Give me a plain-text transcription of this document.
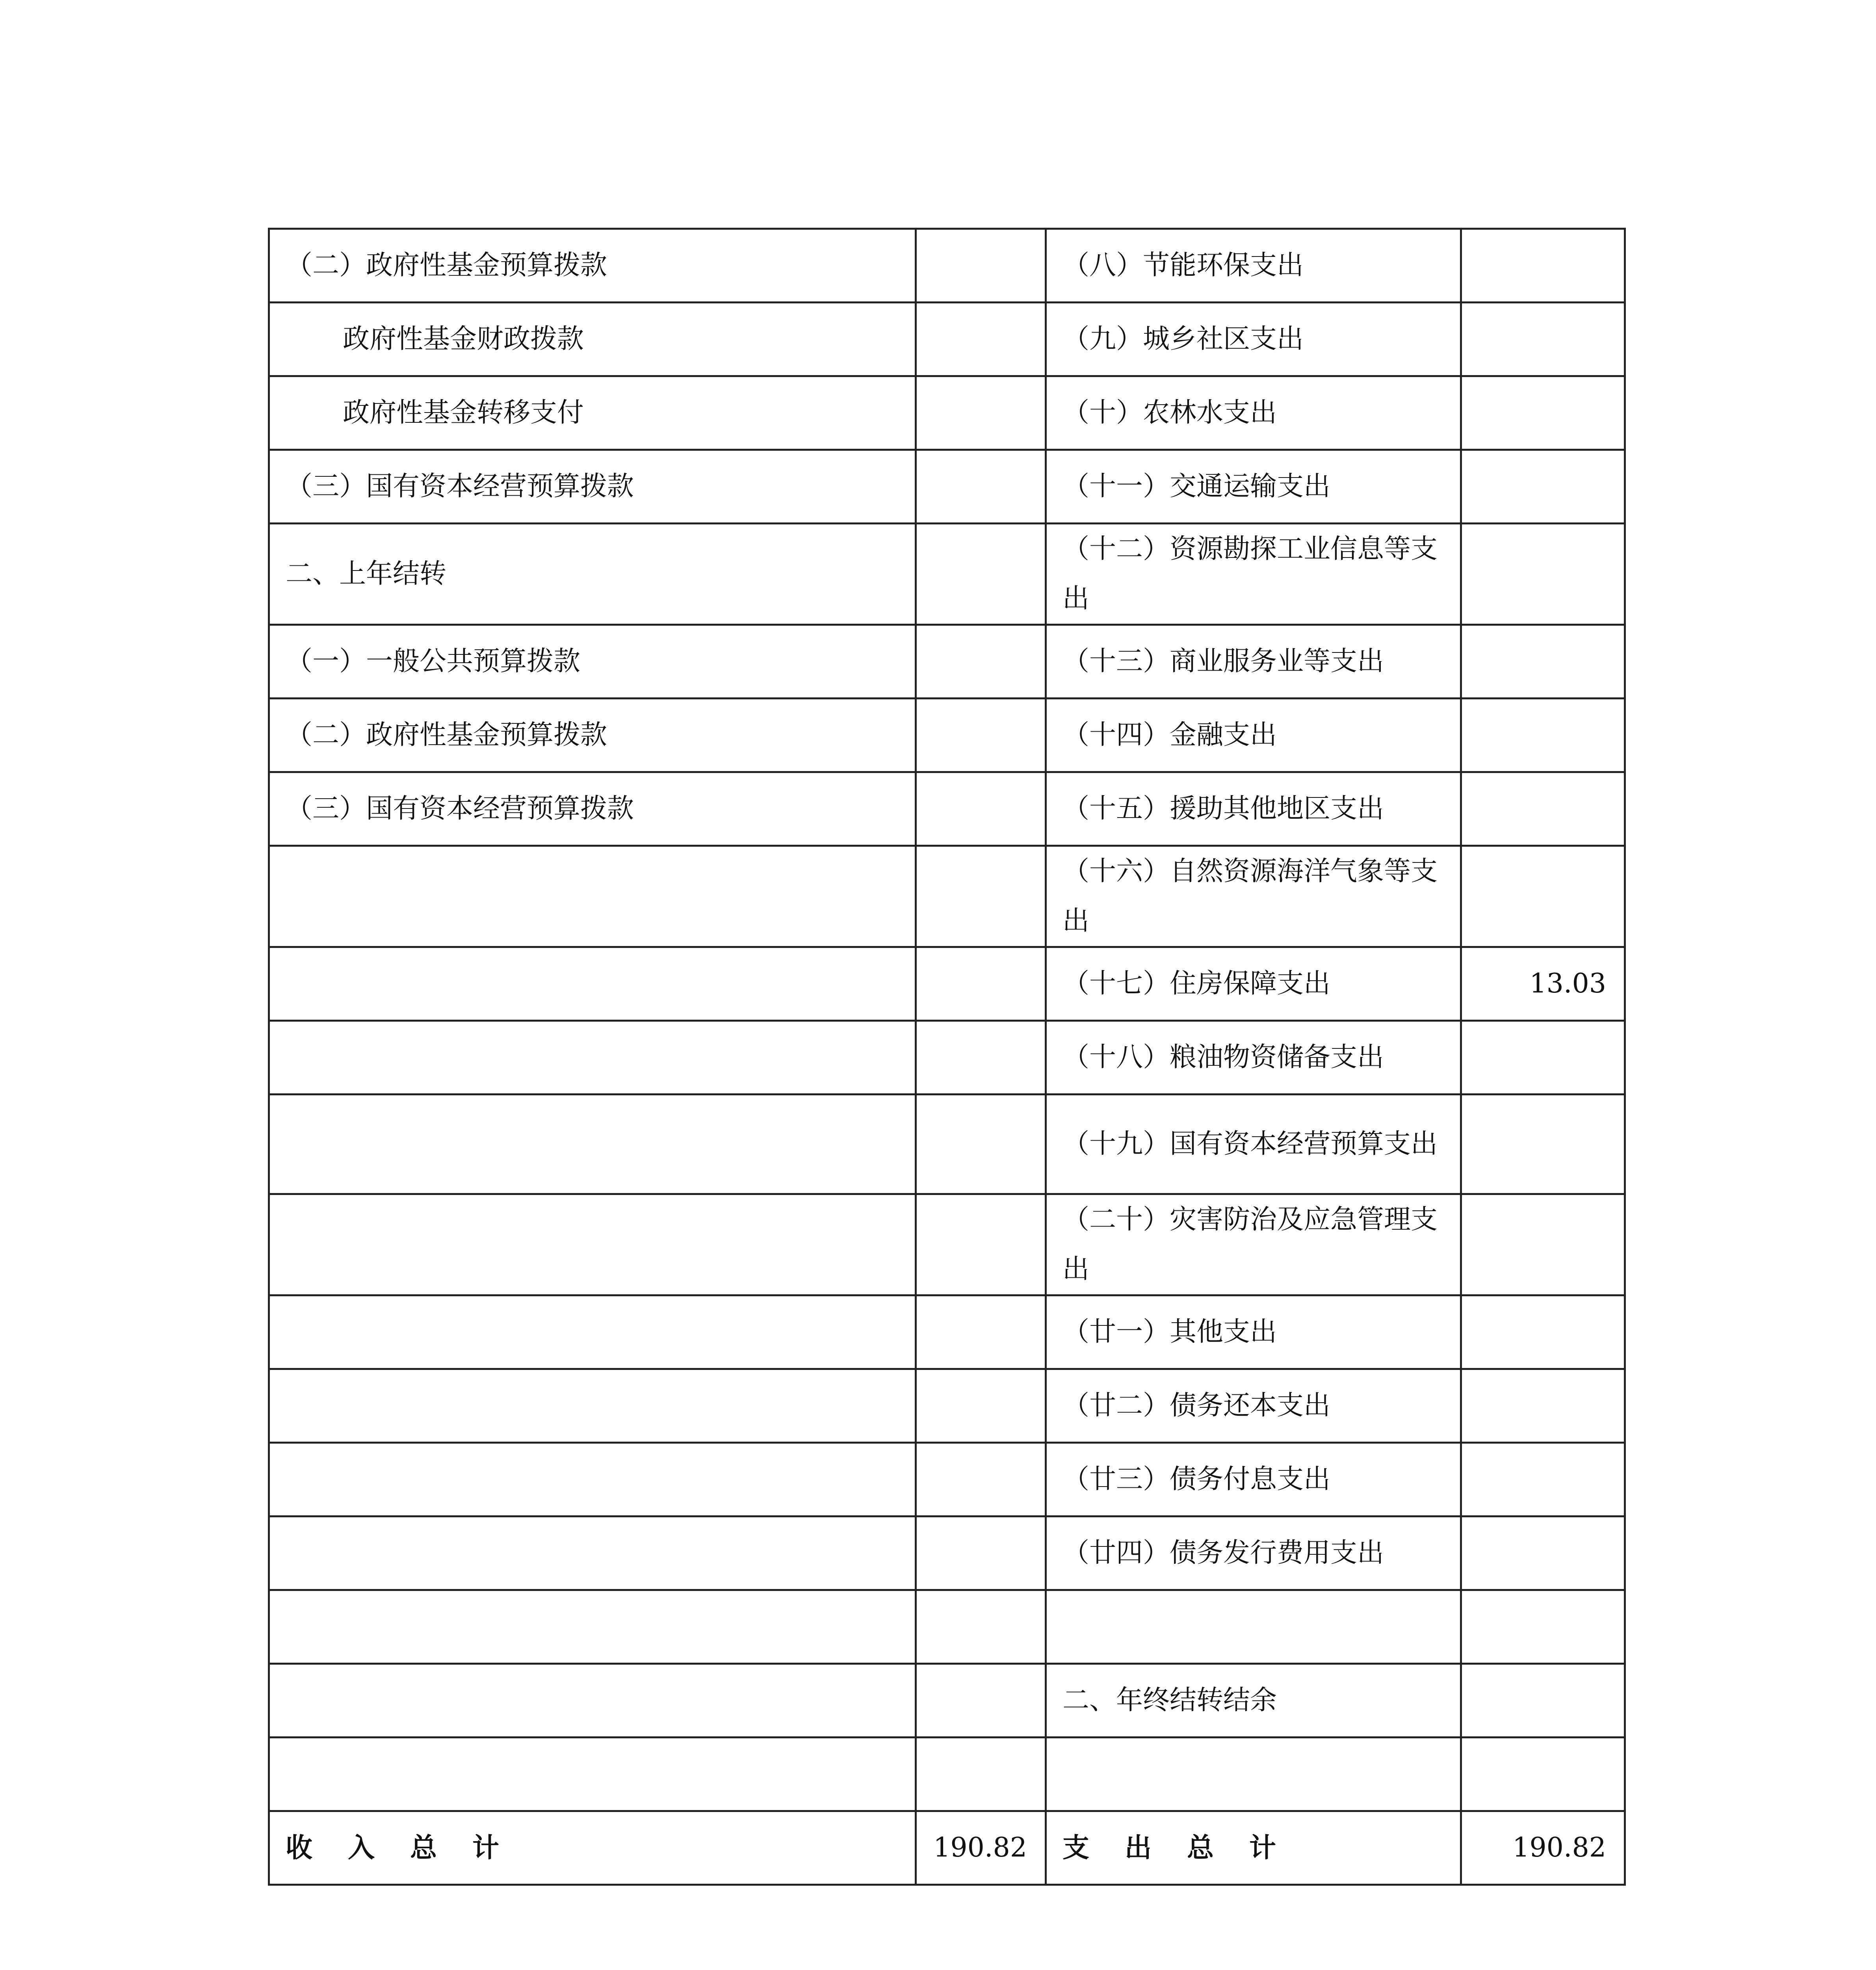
（二）政府性基金预算拨款		（八）节能环保支出	
政府性基金财政拨款		（九）城乡社区支出	
政府性基金转移支付		（十）农林水支出	
（三）国有资本经营预算拨款		（十一）交通运输支出	
二、上年结转		（十二）资源勘探工业信息等支出	
（一）一般公共预算拨款		（十三）商业服务业等支出	
（二）政府性基金预算拨款		（十四）金融支出	
（三）国有资本经营预算拨款		（十五）援助其他地区支出	
		（十六）自然资源海洋气象等支出	
		（十七）住房保障支出	13.03
		（十八）粮油物资储备支出	
		（十九）国有资本经营预算支出	
		（二十）灾害防治及应急管理支出	
		（廿一）其他支出	
		（廿二）债务还本支出	
		（廿三）债务付息支出	
		（廿四）债务发行费用支出	

		二、年终结转结余	

收入总计	190.82	支出总计	190.82
